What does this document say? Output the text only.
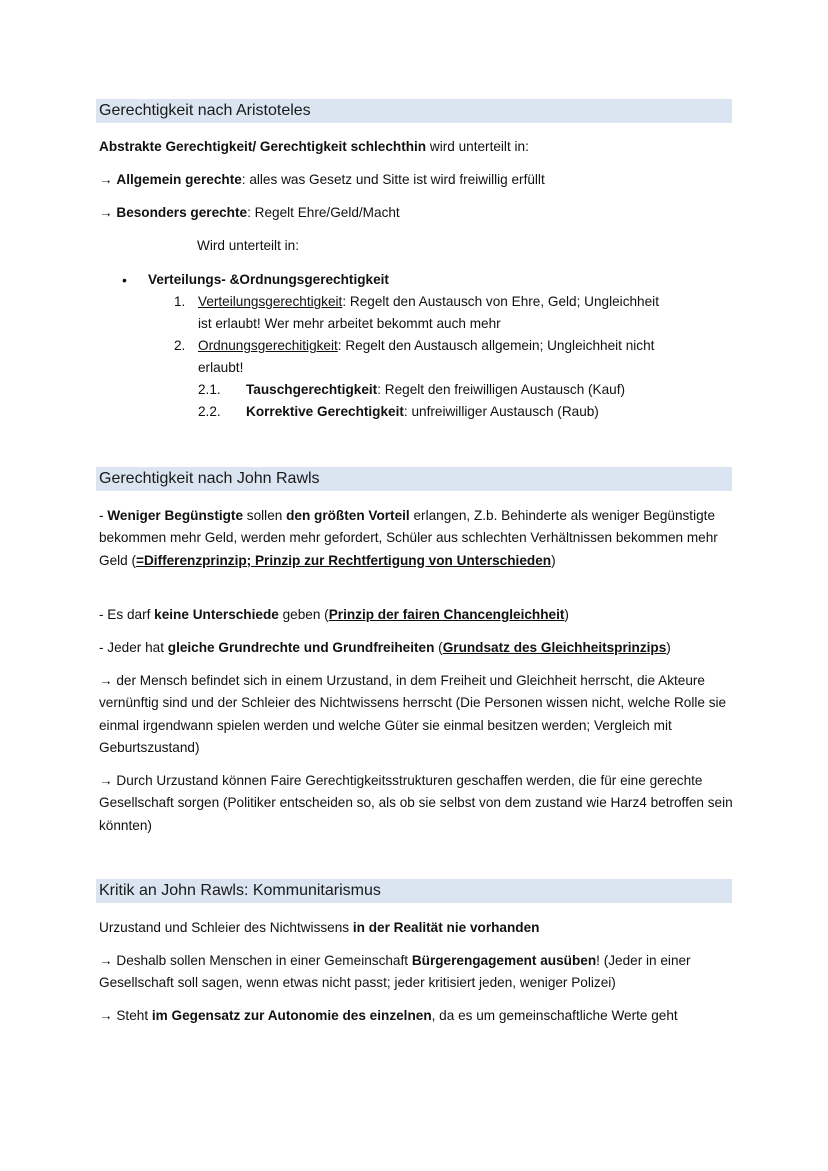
Gerechtigkeit nach Aristoteles
Abstrakte Gerechtigkeit/ Gerechtigkeit schlechthin wird unterteilt in:
→ Allgemein gerechte: alles was Gesetz und Sitte ist wird freiwillig erfüllt
→ Besonders gerechte: Regelt Ehre/Geld/Macht
Wird unterteilt in:
• Verteilungs- &Ordnungsgerechtigkeit
1. Verteilungsgerechtigkeit: Regelt den Austausch von Ehre, Geld; Ungleichheit
ist erlaubt! Wer mehr arbeitet bekommt auch mehr
2. Ordnungsgerechitigkeit: Regelt den Austausch allgemein; Ungleichheit nicht
erlaubt!
2.1. Tauschgerechtigkeit: Regelt den freiwilligen Austausch (Kauf)
2.2. Korrektive Gerechtigkeit: unfreiwilliger Austausch (Raub)
Gerechtigkeit nach John Rawls
- Weniger Begünstigte sollen den größten Vorteil erlangen, Z.b. Behinderte als weniger Begünstigte bekommen mehr Geld, werden mehr gefordert, Schüler aus schlechten Verhältnissen bekommen mehr Geld (=Differenzprinzip; Prinzip zur Rechtfertigung von Unterschieden)
- Es darf keine Unterschiede geben (Prinzip der fairen Chancengleichheit)
- Jeder hat gleiche Grundrechte und Grundfreiheiten (Grundsatz des Gleichheitsprinzips)
→ der Mensch befindet sich in einem Urzustand, in dem Freiheit und Gleichheit herrscht, die Akteure vernünftig sind und der Schleier des Nichtwissens herrscht (Die Personen wissen nicht, welche Rolle sie einmal irgendwann spielen werden und welche Güter sie einmal besitzen werden; Vergleich mit Geburtszustand)
→ Durch Urzustand können Faire Gerechtigkeitsstrukturen geschaffen werden, die für eine gerechte Gesellschaft sorgen (Politiker entscheiden so, als ob sie selbst von dem zustand wie Harz4 betroffen sein könnten)
Kritik an John Rawls: Kommunitarismus
Urzustand und Schleier des Nichtwissens in der Realität nie vorhanden
→ Deshalb sollen Menschen in einer Gemeinschaft Bürgerengagement ausüben! (Jeder in einer Gesellschaft soll sagen, wenn etwas nicht passt; jeder kritisiert jeden, weniger Polizei)
→ Steht im Gegensatz zur Autonomie des einzelnen, da es um gemeinschaftliche Werte geht
